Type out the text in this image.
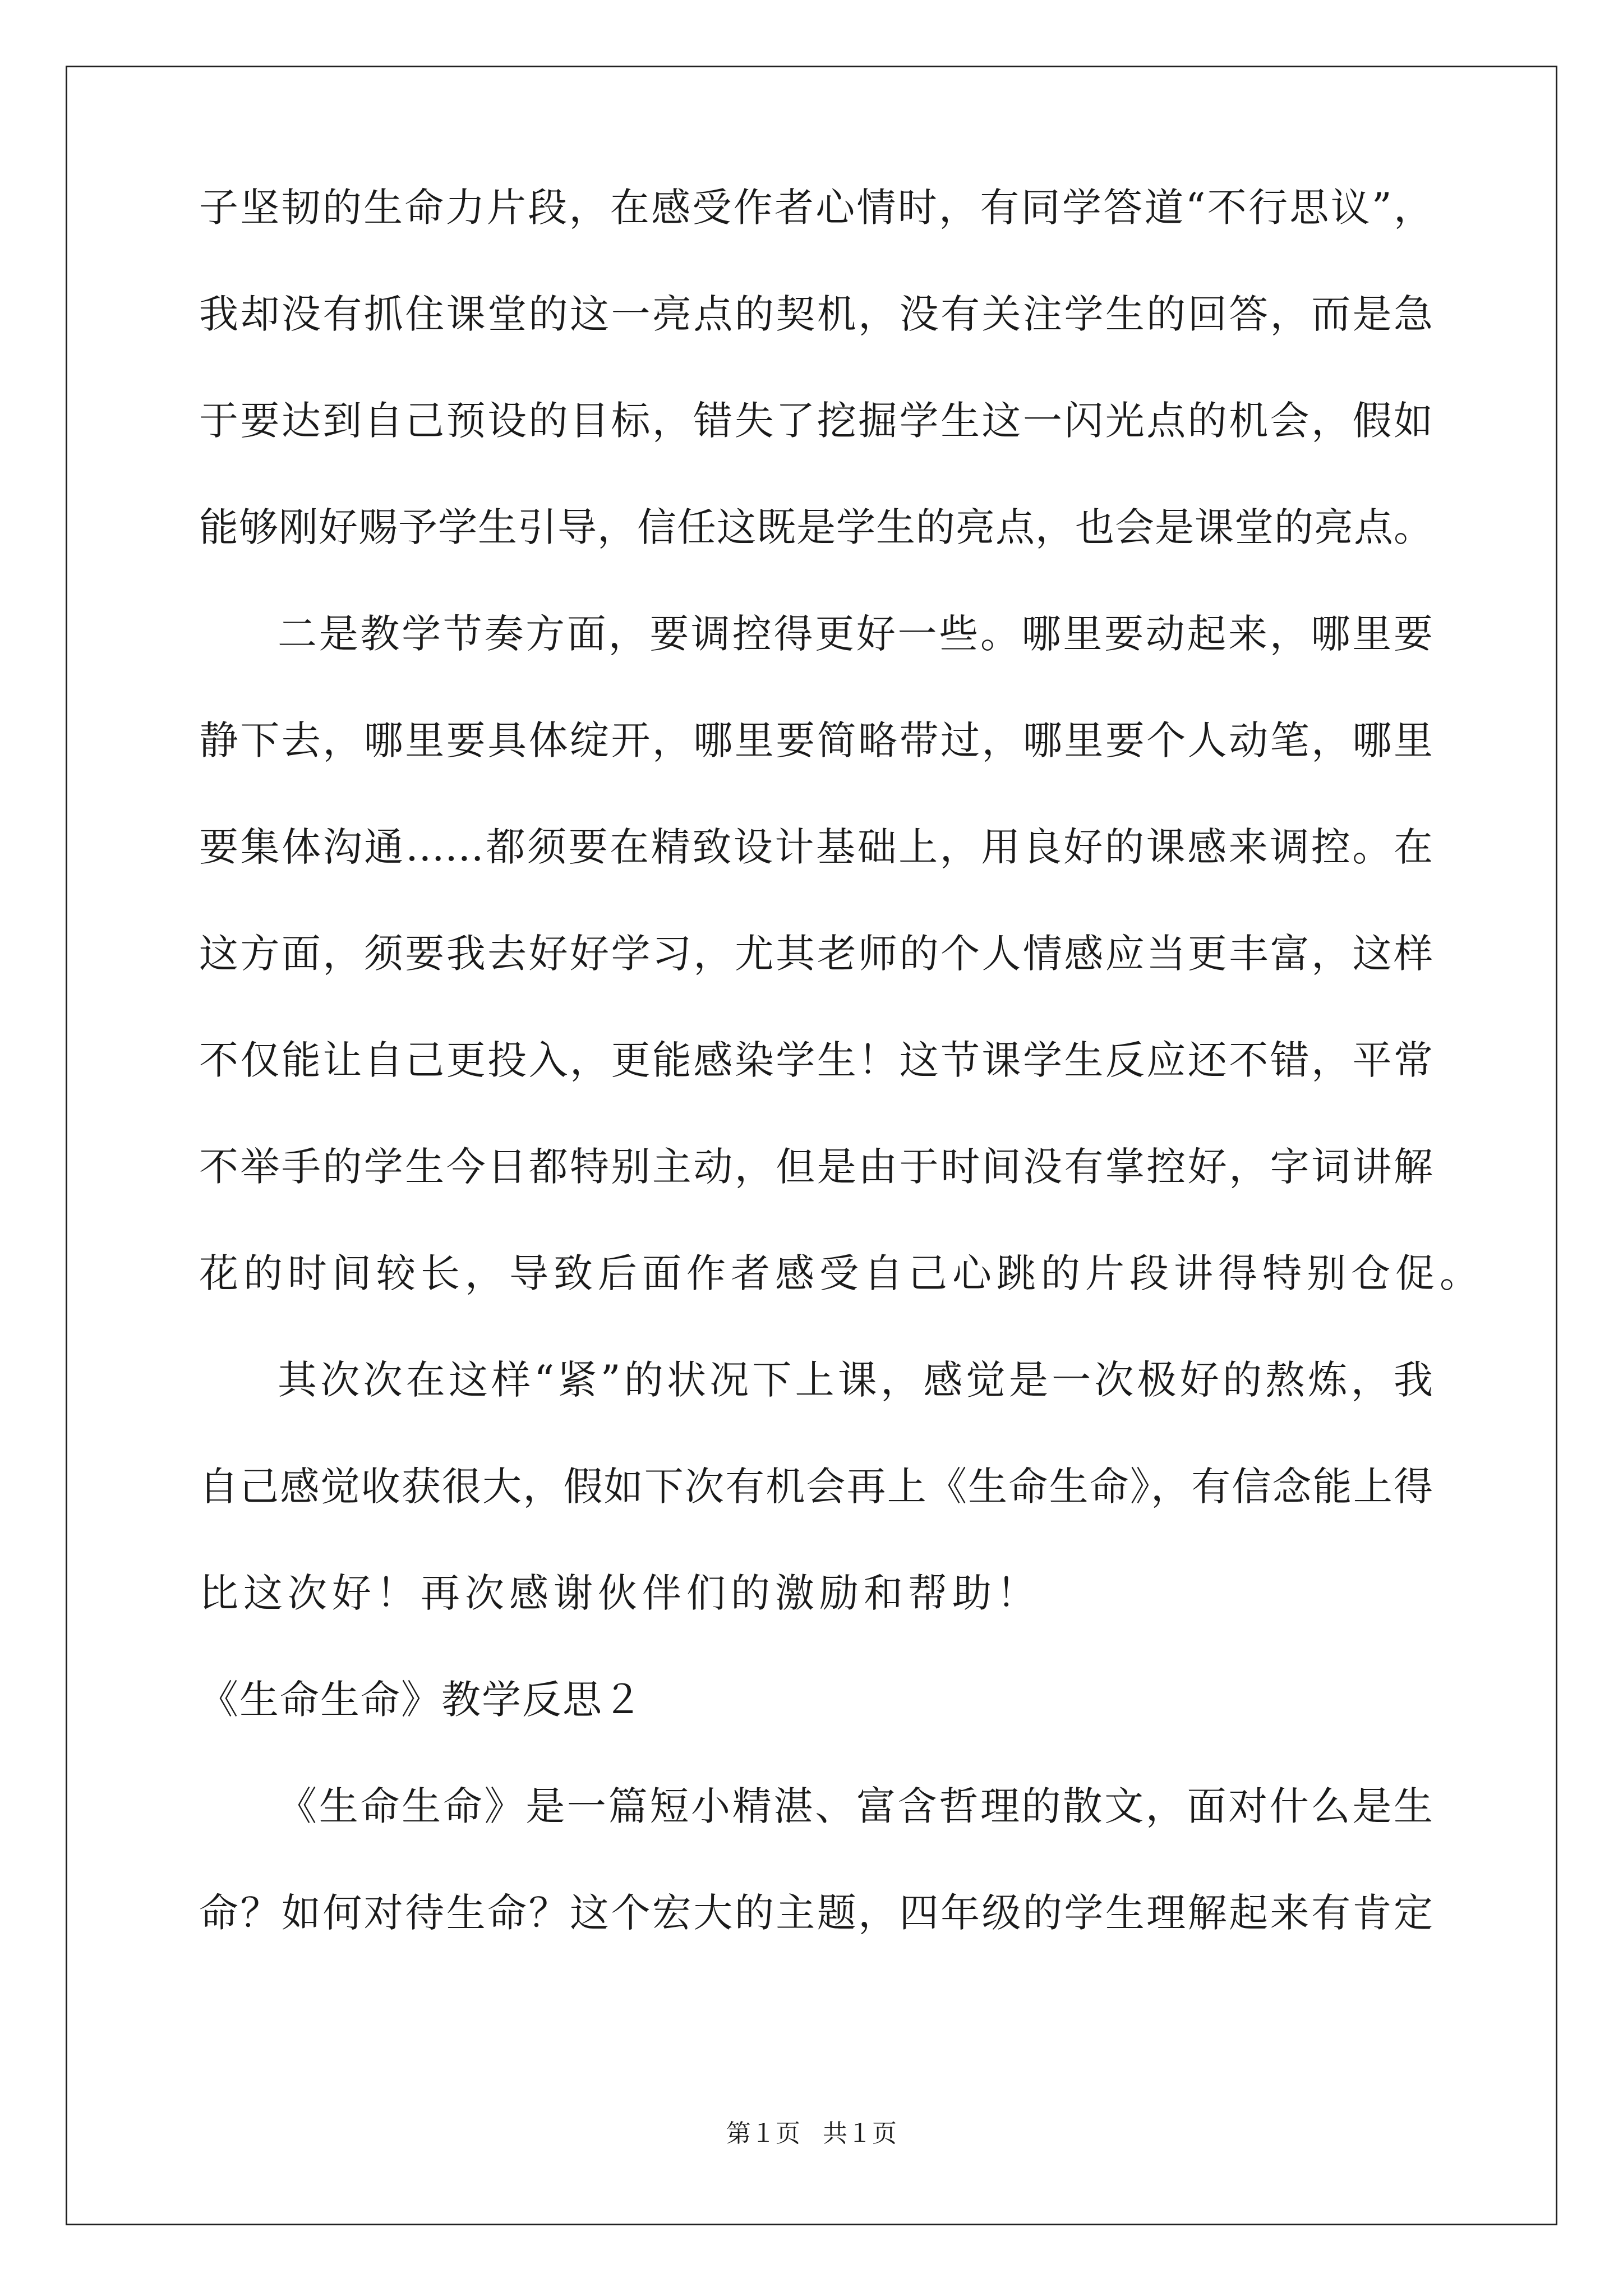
子坚韧的生命力片段，在感受作者心情时，有同学答道“不行思议”，
我却没有抓住课堂的这一亮点的契机，没有关注学生的回答，而是急
于要达到自己预设的目标，错失了挖掘学生这一闪光点的机会，假如
能够刚好赐予学生引导，信任这既是学生的亮点，也会是课堂的亮点。
二是教学节奏方面，要调控得更好一些。哪里要动起来，哪里要
静下去，哪里要具体绽开，哪里要简略带过，哪里要个人动笔，哪里
要集体沟通……都须要在精致设计基础上，用良好的课感来调控。在
这方面，须要我去好好学习，尤其老师的个人情感应当更丰富，这样
不仅能让自己更投入，更能感染学生！这节课学生反应还不错，平常
不举手的学生今日都特别主动，但是由于时间没有掌控好，字词讲解
花的时间较长，导致后面作者感受自己心跳的片段讲得特别仓促。
其次次在这样“紧”的状况下上课，感觉是一次极好的熬炼，我
自己感觉收获很大，假如下次有机会再上《生命生命》，有信念能上得
比这次好！再次感谢伙伴们的激励和帮助！
《生命生命》教学反思２
《生命生命》是一篇短小精湛、富含哲理的散文，面对什么是生
命？如何对待生命？这个宏大的主题，四年级的学生理解起来有肯定
第１页 共１页
